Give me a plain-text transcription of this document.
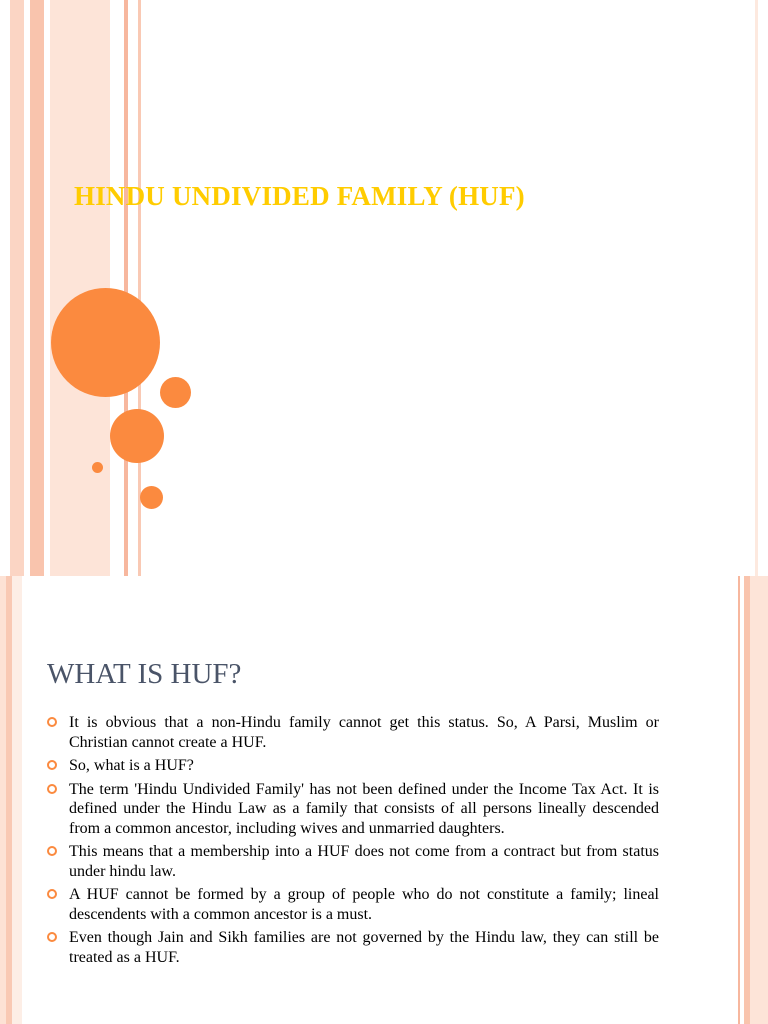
HINDU UNDIVIDED FAMILY (HUF)
WHAT IS HUF?
It is obvious that a non-Hindu family cannot get this status. So, A Parsi, Muslim or Christian cannot create a HUF.
So, what is a HUF?
The term 'Hindu Undivided Family' has not been defined under the Income Tax Act. It is defined under the Hindu Law as a family that consists of all persons lineally descended from a common ancestor, including wives and unmarried daughters.
This means that a membership into a HUF does not come from a contract but from status under hindu law.
A HUF cannot be formed by a group of people who do not constitute a family; lineal descendents with a common ancestor is a must.
Even though Jain and Sikh families are not governed by the Hindu law, they can still be treated as a HUF.
